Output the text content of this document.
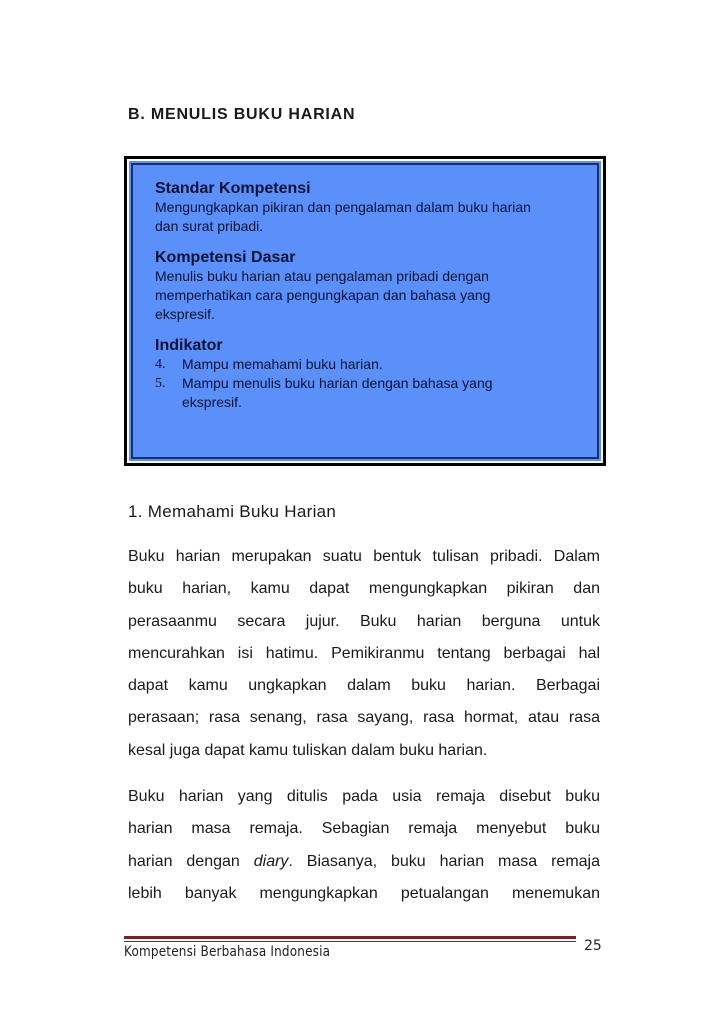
B. MENULIS BUKU HARIAN

Standar Kompetensi

Mengungkapkan pikiran dan pengalaman dalam buku harian

dan surat pribadi.

Kompetensi Dasar

Menulis buku harian atau pengalaman pribadi dengan

memperhatikan cara pengungkapan dan bahasa yang

ekspresif.

Indikator

4.	Mampu memahami buku harian.
5.	Mampu menulis buku harian dengan bahasa yang
ekspresif.
1. Memahami Buku Harian
Buku harian merupakan suatu bentuk tulisan pribadi. Dalam
buku harian, kamu dapat mengungkapkan pikiran dan
perasaanmu secara jujur. Buku harian berguna untuk
mencurahkan isi hatimu. Pemikiranmu tentang berbagai hal
dapat kamu ungkapkan dalam buku harian. Berbagai
perasaan; rasa senang, rasa sayang, rasa hormat, atau rasa
kesal juga dapat kamu tuliskan dalam buku harian.
Buku harian yang ditulis pada usia remaja disebut buku
harian masa remaja. Sebagian remaja menyebut buku
harian dengan diary. Biasanya, buku harian masa remaja
lebih banyak mengungkapkan petualangan menemukan
Kompetensi Berbahasa Indonesia	25
